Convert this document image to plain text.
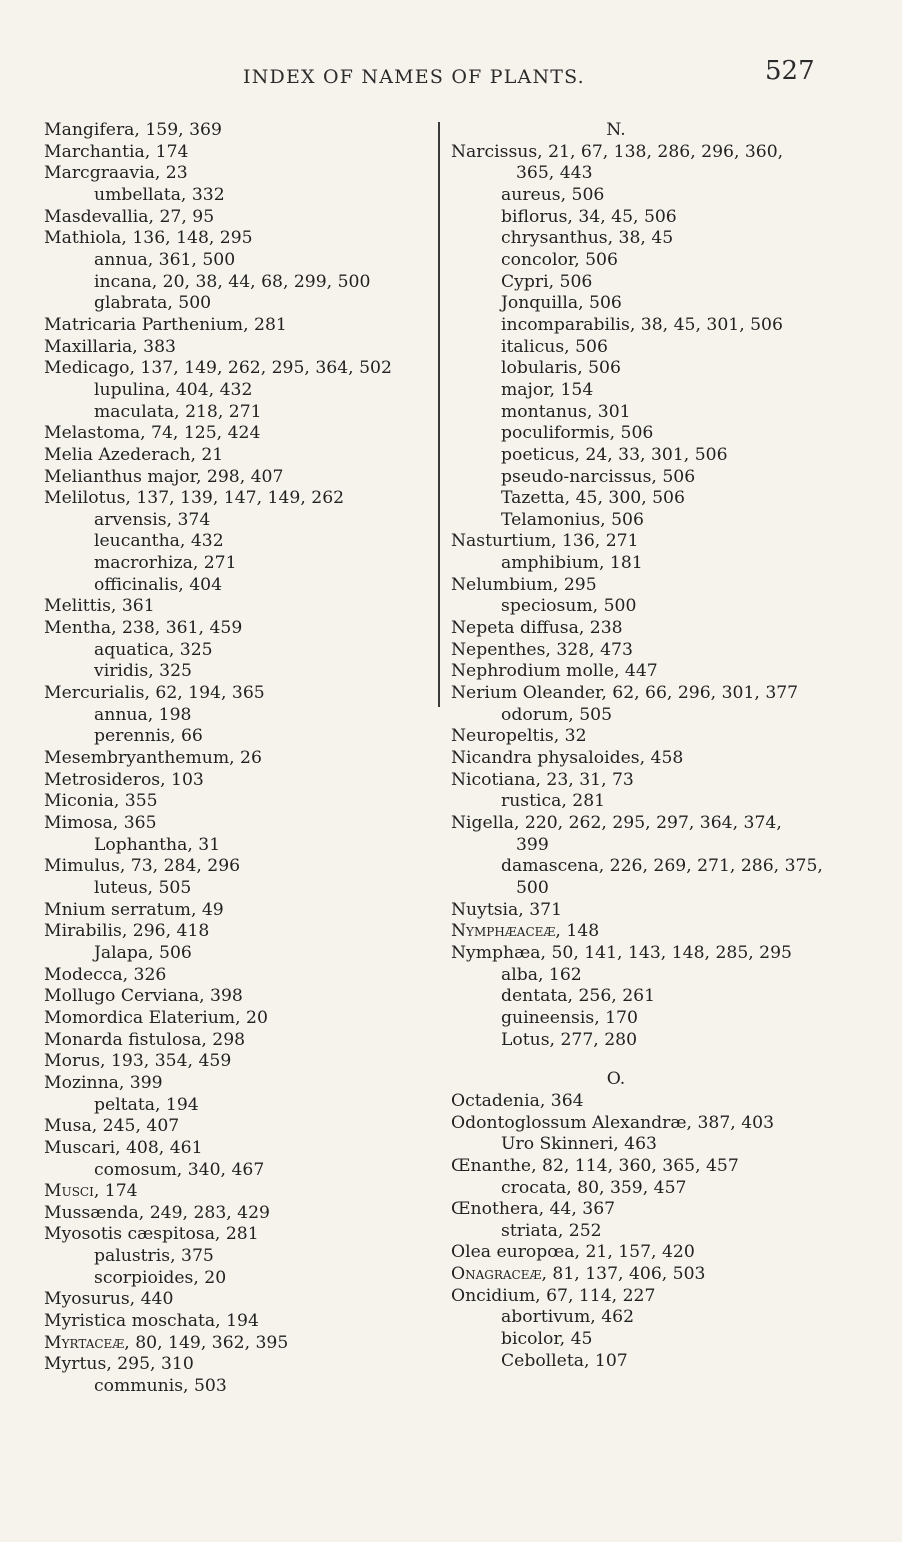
INDEX OF NAMES OF PLANTS.	527
Mangifera, 159, 369
Marchantia, 174
Marcgraavia, 23
umbellata, 332
Masdevallia, 27, 95
Mathiola, 136, 148, 295
annua, 361, 500
incana, 20, 38, 44, 68, 299, 500
glabrata, 500
Matricaria Parthenium, 281
Maxillaria, 383
Medicago, 137, 149, 262, 295, 364, 502
lupulina, 404, 432
maculata, 218, 271
Melastoma, 74, 125, 424
Melia Azederach, 21
Melianthus major, 298, 407
Melilotus, 137, 139, 147, 149, 262
arvensis, 374
leucantha, 432
macrorhiza, 271
officinalis, 404
Melittis, 361
Mentha, 238, 361, 459
aquatica, 325
viridis, 325
Mercurialis, 62, 194, 365
annua, 198
perennis, 66
Mesembryanthemum, 26
Metrosideros, 103
Miconia, 355
Mimosa, 365
Lophantha, 31
Mimulus, 73, 284, 296
luteus, 505
Mnium serratum, 49
Mirabilis, 296, 418
Jalapa, 506
Modecca, 326
Mollugo Cerviana, 398
Momordica Elaterium, 20
Monarda fistulosa, 298
Morus, 193, 354, 459
Mozinna, 399
peltata, 194
Musa, 245, 407
Muscari, 408, 461
comosum, 340, 467
Musci, 174
Mussænda, 249, 283, 429
Myosotis cæspitosa, 281
palustris, 375
scorpioides, 20
Myosurus, 440
Myristica moschata, 194
Myrtaceæ, 80, 149, 362, 395
Myrtus, 295, 310
communis, 503
N.
Narcissus, 21, 67, 138, 286, 296, 360,
365, 443
aureus, 506
biflorus, 34, 45, 506
chrysanthus, 38, 45
concolor, 506
Cypri, 506
Jonquilla, 506
incomparabilis, 38, 45, 301, 506
italicus, 506
lobularis, 506
major, 154
montanus, 301
poculiformis, 506
poeticus, 24, 33, 301, 506
pseudo-narcissus, 506
Tazetta, 45, 300, 506
Telamonius, 506
Nasturtium, 136, 271
amphibium, 181
Nelumbium, 295
speciosum, 500
Nepeta diffusa, 238
Nepenthes, 328, 473
Nephrodium molle, 447
Nerium Oleander, 62, 66, 296, 301, 377
odorum, 505
Neuropeltis, 32
Nicandra physaloides, 458
Nicotiana, 23, 31, 73
rustica, 281
Nigella, 220, 262, 295, 297, 364, 374,
399
damascena, 226, 269, 271, 286, 375,
500
Nuytsia, 371
Nymphæaceæ, 148
Nymphæa, 50, 141, 143, 148, 285, 295
alba, 162
dentata, 256, 261
guineensis, 170
Lotus, 277, 280
O.
Octadenia, 364
Odontoglossum Alexandræ, 387, 403
Uro Skinneri, 463
Œnanthe, 82, 114, 360, 365, 457
crocata, 80, 359, 457
Œnothera, 44, 367
striata, 252
Olea europœa, 21, 157, 420
Onagraceæ, 81, 137, 406, 503
Oncidium, 67, 114, 227
abortivum, 462
bicolor, 45
Cebolleta, 107
